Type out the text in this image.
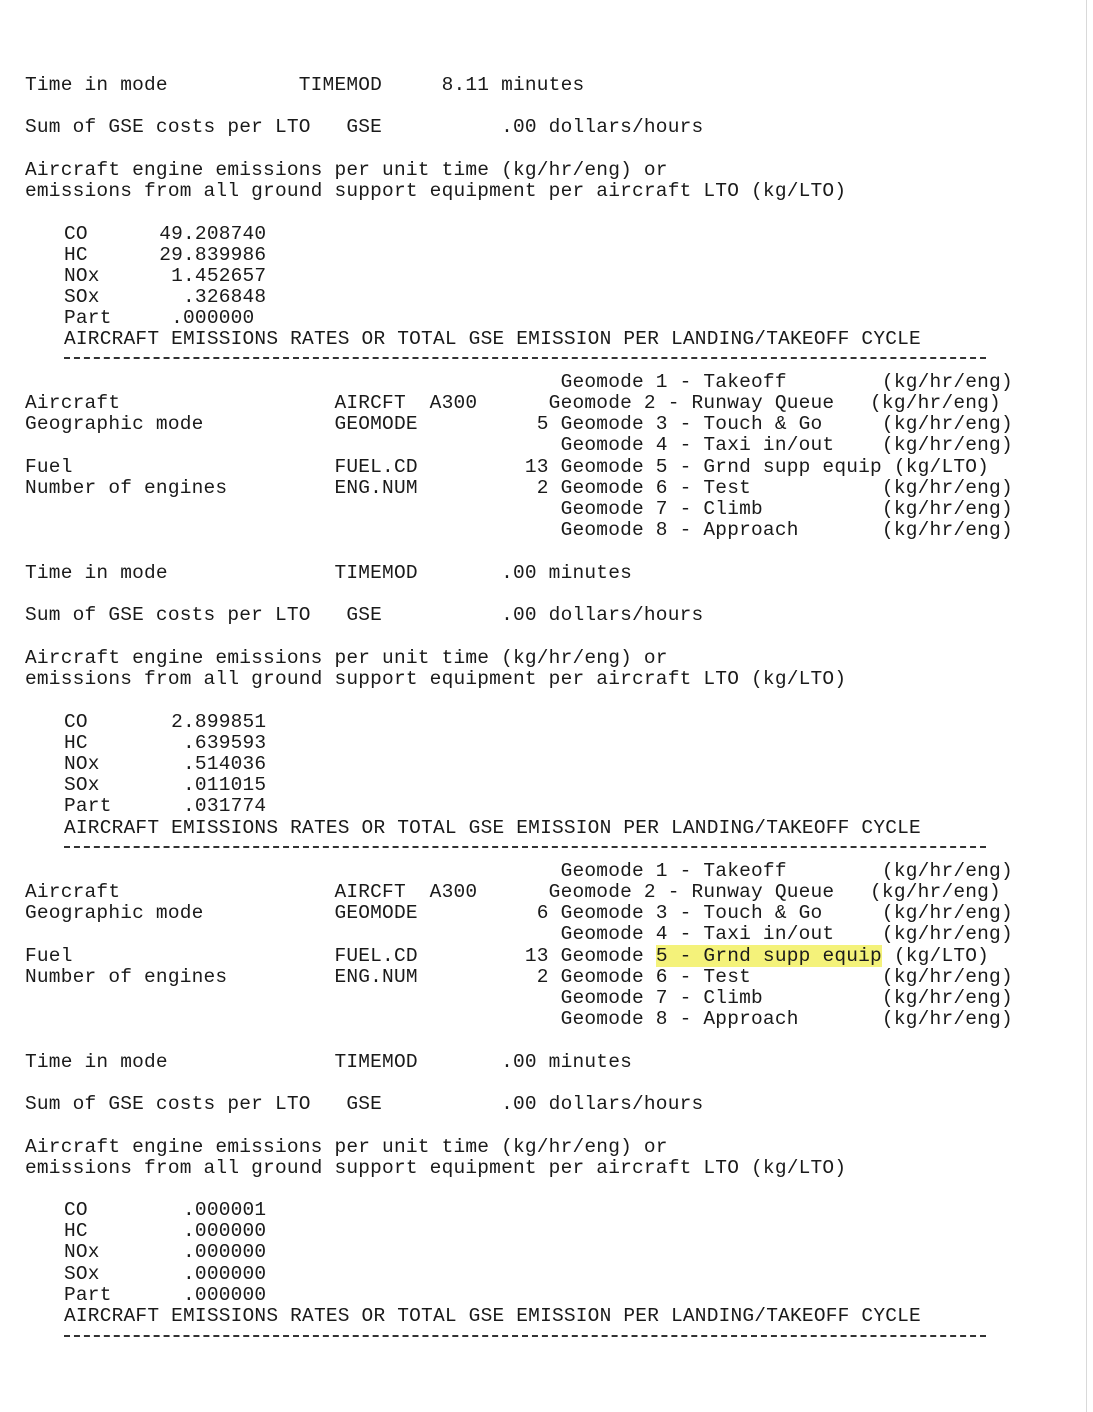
Time in mode           TIMEMOD     8.11 minutes
Sum of GSE costs per LTO   GSE          .00 dollars/hours
Aircraft engine emissions per unit time (kg/hr/eng) or
emissions from all ground support equipment per aircraft LTO (kg/LTO)
CO      49.208740
HC      29.839986
NOx      1.452657
SOx       .326848
Part     .000000
AIRCRAFT EMISSIONS RATES OR TOTAL GSE EMISSION PER LANDING/TAKEOFF CYCLE
Geomode 1 - Takeoff        (kg/hr/eng)
Aircraft                  AIRCFT  A300      Geomode 2 - Runway Queue   (kg/hr/eng)
Geographic mode           GEOMODE          5 Geomode 3 - Touch & Go     (kg/hr/eng)
Geomode 4 - Taxi in/out    (kg/hr/eng)
Fuel                      FUEL.CD         13 Geomode 5 - Grnd supp equip (kg/LTO)
Number of engines         ENG.NUM          2 Geomode 6 - Test           (kg/hr/eng)
Geomode 7 - Climb          (kg/hr/eng)
Geomode 8 - Approach       (kg/hr/eng)
Time in mode              TIMEMOD       .00 minutes
Sum of GSE costs per LTO   GSE          .00 dollars/hours
Aircraft engine emissions per unit time (kg/hr/eng) or
emissions from all ground support equipment per aircraft LTO (kg/LTO)
CO       2.899851
HC        .639593
NOx       .514036
SOx       .011015
Part      .031774
AIRCRAFT EMISSIONS RATES OR TOTAL GSE EMISSION PER LANDING/TAKEOFF CYCLE
Geomode 1 - Takeoff        (kg/hr/eng)
Aircraft                  AIRCFT  A300      Geomode 2 - Runway Queue   (kg/hr/eng)
Geographic mode           GEOMODE          6 Geomode 3 - Touch & Go     (kg/hr/eng)
Geomode 4 - Taxi in/out    (kg/hr/eng)
Fuel                      FUEL.CD         13 Geomode 5 - Grnd supp equip (kg/LTO)
Number of engines         ENG.NUM          2 Geomode 6 - Test           (kg/hr/eng)
Geomode 7 - Climb          (kg/hr/eng)
Geomode 8 - Approach       (kg/hr/eng)
Time in mode              TIMEMOD       .00 minutes
Sum of GSE costs per LTO   GSE          .00 dollars/hours
Aircraft engine emissions per unit time (kg/hr/eng) or
emissions from all ground support equipment per aircraft LTO (kg/LTO)
CO        .000001
HC        .000000
NOx       .000000
SOx       .000000
Part      .000000
AIRCRAFT EMISSIONS RATES OR TOTAL GSE EMISSION PER LANDING/TAKEOFF CYCLE
